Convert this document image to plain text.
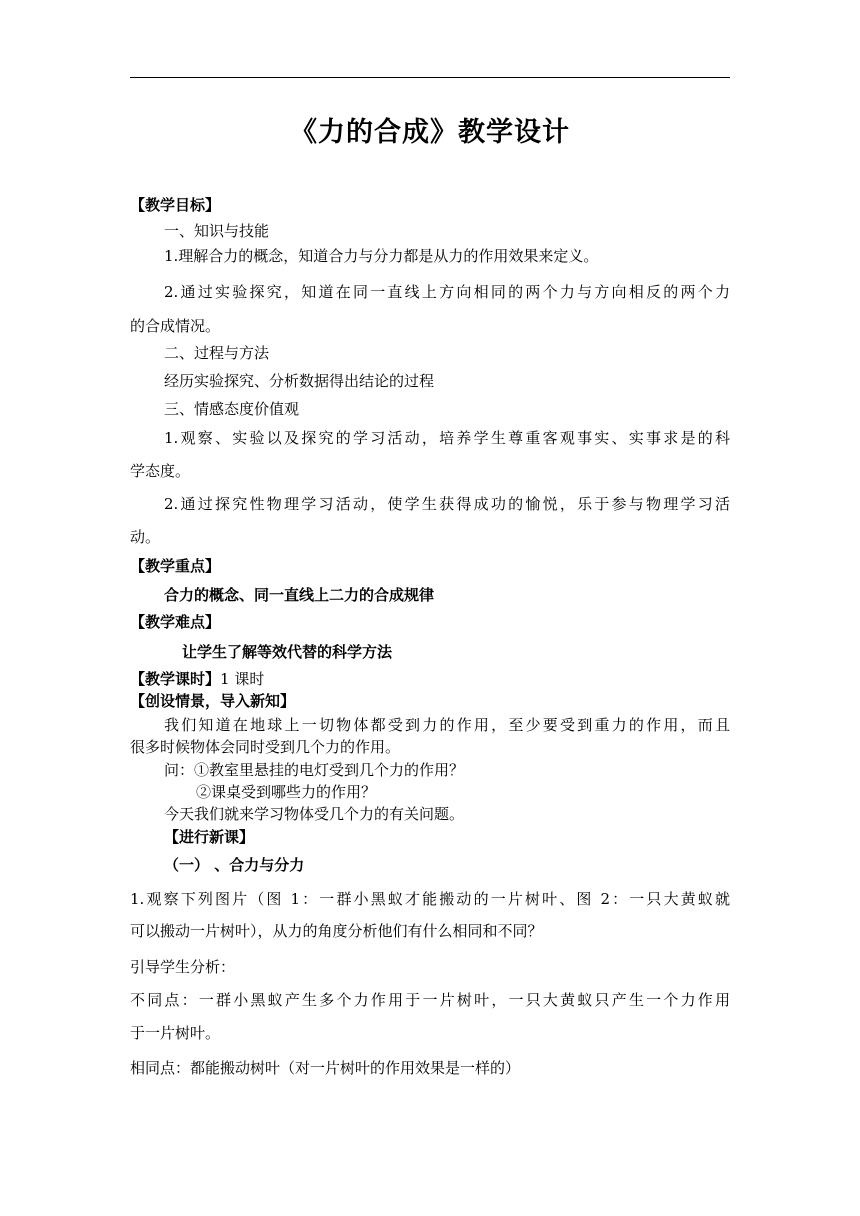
《力的合成》教学设计
【教学目标】
一、知识与技能
1.理解合力的概念，知道合力与分力都是从力的作用效果来定义。
2.通过实验探究，知道在同一直线上方向相同的两个力与方向相反的两个力
的合成情况。
二、过程与方法
经历实验探究、分析数据得出结论的过程
三、情感态度价值观
1.观察、实验以及探究的学习活动，培养学生尊重客观事实、实事求是的科
学态度。
2.通过探究性物理学习活动，使学生获得成功的愉悦，乐于参与物理学习活
动。
【教学重点】
合力的概念、同一直线上二力的合成规律
【教学难点】
让学生了解等效代替的科学方法
【教学课时】1 课时
【创设情景，导入新知】
我们知道在地球上一切物体都受到力的作用，至少要受到重力的作用，而且
很多时候物体会同时受到几个力的作用。
问：①教室里悬挂的电灯受到几个力的作用？
②课桌受到哪些力的作用？
今天我们就来学习物体受几个力的有关问题。
【进行新课】
（一） 、合力与分力
1.观察下列图片（图 1：一群小黑蚁才能搬动的一片树叶、图 2：一只大黄蚁就
可以搬动一片树叶），从力的角度分析他们有什么相同和不同？
引导学生分析：
不同点：一群小黑蚁产生多个力作用于一片树叶，一只大黄蚁只产生一个力作用
于一片树叶。
相同点：都能搬动树叶（对一片树叶的作用效果是一样的）
